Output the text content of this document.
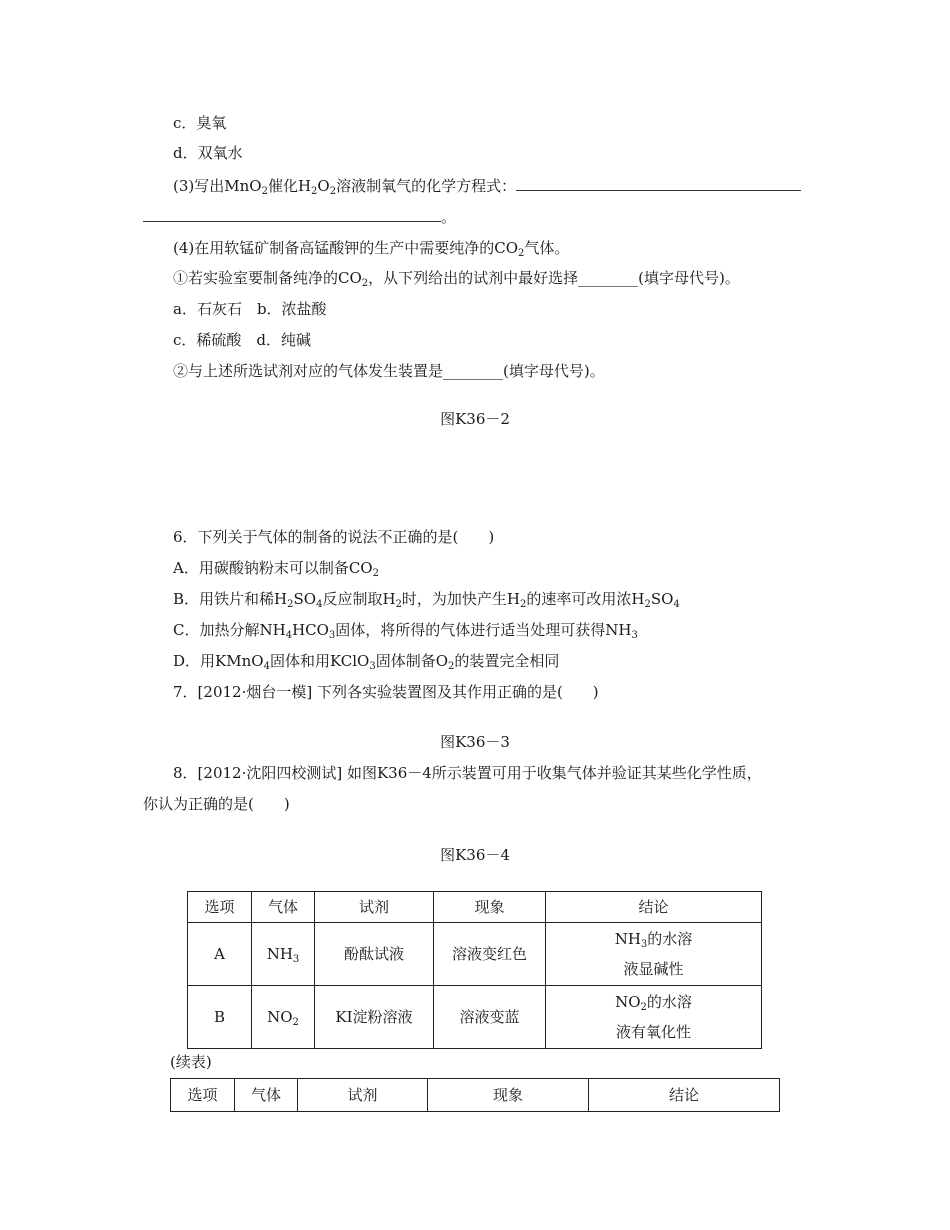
c．臭氧
d．双氧水
(3)写出MnO$_2$催化$H_2O_2$溶液制氧气的化学方程式：
。
(4)在用软锰矿制备高锰酸钾的生产中需要纯净的$CO_2$气体。
①若实验室要制备纯净的$CO_2$，从下列给出的试剂中最好选择________(填字母代号)。
a．石灰石　b．浓盐酸
c．稀硫酸　d．纯碱
②与上述所选试剂对应的气体发生装置是________(填字母代号)。
图K36－2
6．下列关于气体的制备的说法不正确的是(　　)
A．用碳酸钠粉末可以制备$CO_2$
B．用铁片和稀$H_2SO_4$反应制取$H_2$时，为加快产生$H_2$的速率可改用浓$H_2SO_4$
C．加热分解$NH_4HCO_3$固体，将所得的气体进行适当处理可获得$NH_3$
D．用KMnO$_4$固体和用KClO$_3$固体制备$O_2$的装置完全相同
7．[2012·烟台一模] 下列各实验装置图及其作用正确的是(　　)
图K36－3
8．[2012·沈阳四校测试] 如图K36－4所示装置可用于收集气体并验证其某些化学性质，
你认为正确的是(　　)
图K36－4
选项	气体	试剂	现象	结论
A	$NH_3$	酚酞试液	溶液变红色	$NH_3$的水溶
液显碱性

B	$NO_2$	KI淀粉溶液	溶液变蓝	$NO_2$的水溶
液有氧化性
(续表)
选项	气体	试剂	现象	结论
